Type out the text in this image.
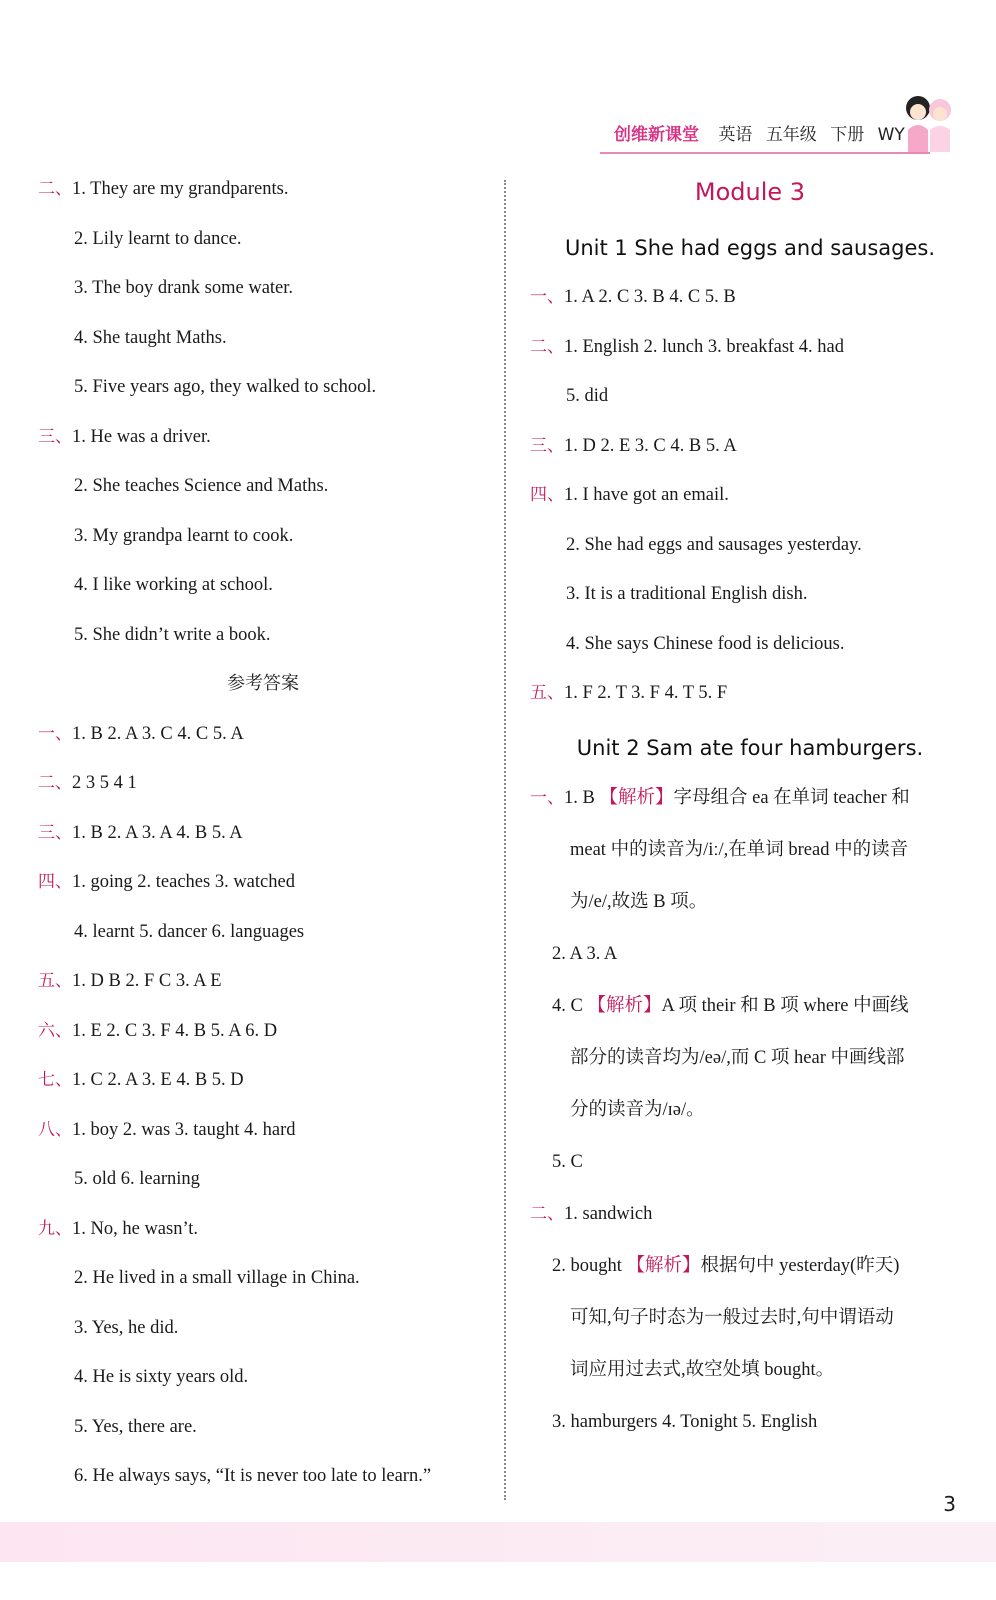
创维新课堂 英语 五年级 下册 WY
二、1. They are my grandparents.
2. Lily learnt to dance.
3. The boy drank some water.
4. She taught Maths.
5. Five years ago, they walked to school.
三、1. He was a driver.
2. She teaches Science and Maths.
3. My grandpa learnt to cook.
4. I like working at school.
5. She didn’t write a book.
参考答案
一、1. B 2. A 3. C 4. C 5. A
二、2 3 5 4 1
三、1. B 2. A 3. A 4. B 5. A
四、1. going 2. teaches 3. watched
4. learnt 5. dancer 6. languages
五、1. D B 2. F C 3. A E
六、1. E 2. C 3. F 4. B 5. A 6. D
七、1. C 2. A 3. E 4. B 5. D
八、1. boy 2. was 3. taught 4. hard
5. old 6. learning
九、1. No, he wasn’t.
2. He lived in a small village in China.
3. Yes, he did.
4. He is sixty years old.
5. Yes, there are.
6. He always says, “It is never too late to learn.”
Module 3
Unit 1 She had eggs and sausages.
一、1. A 2. C 3. B 4. C 5. B
二、1. English 2. lunch 3. breakfast 4. had
5. did
三、1. D 2. E 3. C 4. B 5. A
四、1. I have got an email.
2. She had eggs and sausages yesterday.
3. It is a traditional English dish.
4. She says Chinese food is delicious.
五、1. F 2. T 3. F 4. T 5. F
Unit 2 Sam ate four hamburgers.
一、1. B 【解析】字母组合 ea 在单词 teacher 和
meat 中的读音为/iː/,在单词 bread 中的读音
为/e/,故选 B 项。
2. A 3. A
4. C 【解析】A 项 their 和 B 项 where 中画线
部分的读音均为/eə/,而 C 项 hear 中画线部
分的读音为/ɪə/。
5. C
二、1. sandwich
2. bought 【解析】根据句中 yesterday(昨天)
可知,句子时态为一般过去时,句中谓语动
词应用过去式,故空处填 bought。
3. hamburgers 4. Tonight 5. English
3
